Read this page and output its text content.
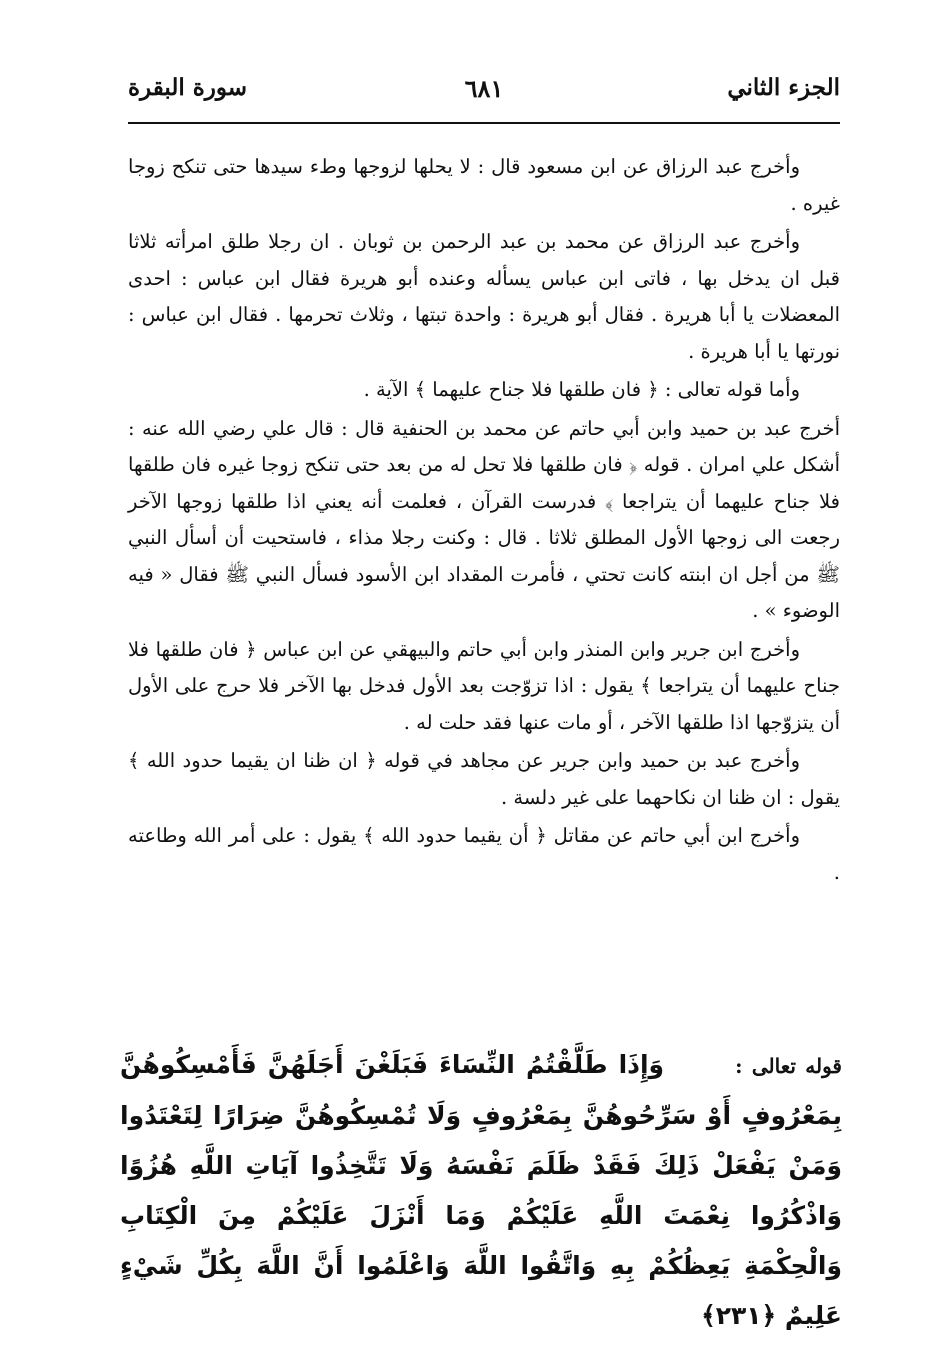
الجزء الثاني
٦٨١
سورة البقرة

وأخرج عبد الرزاق عن ابن مسعود قال : لا يحلها لزوجها وطء سيدها حتى تنكح زوجا غيره .

وأخرج عبد الرزاق عن محمد بن عبد الرحمن بن ثوبان . ان رجلا طلق امرأته ثلاثا قبل ان يدخل بها ، فاتى ابن عباس يسأله وعنده أبو هريرة فقال ابن عباس : احدى المعضلات يا أبا هريرة . فقال أبو هريرة : واحدة تبتها ، وثلاث تحرمها . فقال ابن عباس : نورتها يا أبا هريرة .

وأما قوله تعالى : ﴿ فان طلقها فلا جناح عليهما ﴾ الآية .

أخرج عبد بن حميد وابن أبي حاتم عن محمد بن الحنفية قال : قال علي رضي الله عنه : أشكل علي امران . قوله ﴿ فان طلقها فلا تحل له من بعد حتى تنكح زوجا غيره فان طلقها فلا جناح عليهما أن يتراجعا ﴾ فدرست القرآن ، فعلمت أنه يعني اذا طلقها زوجها الآخر رجعت الى زوجها الأول المطلق ثلاثا . قال : وكنت رجلا مذاء ، فاستحيت أن أسأل النبي ﷺ من أجل ان ابنته كانت تحتي ، فأمرت المقداد ابن الأسود فسأل النبي ﷺ فقال « فيه الوضوء » .

وأخرج ابن جرير وابن المنذر وابن أبي حاتم والبيهقي عن ابن عباس ﴿ فان طلقها فلا جناح عليهما أن يتراجعا ﴾ يقول : اذا تزوّجت بعد الأول فدخل بها الآخر فلا حرج على الأول أن يتزوّجها اذا طلقها الآخر ، أو مات عنها فقد حلت له .

وأخرج عبد بن حميد وابن جرير عن مجاهد في قوله ﴿ ان ظنا ان يقيما حدود الله ﴾ يقول : ان ظنا ان نكاحهما على غير دلسة .

وأخرج ابن أبي حاتم عن مقاتل ﴿ أن يقيما حدود الله ﴾ يقول : على أمر الله وطاعته .

قوله تعالى : وَإِذَا طَلَّقْتُمُ النِّسَاءَ فَبَلَغْنَ أَجَلَهُنَّ فَأَمْسِكُوهُنَّ بِمَعْرُوفٍ أَوْ سَرِّحُوهُنَّ بِمَعْرُوفٍ وَلَا تُمْسِكُوهُنَّ ضِرَارًا لِتَعْتَدُوا وَمَنْ يَفْعَلْ ذَلِكَ فَقَدْ ظَلَمَ نَفْسَهُ وَلَا تَتَّخِذُوا آيَاتِ اللَّهِ هُزُوًا وَاذْكُرُوا نِعْمَتَ اللَّهِ عَلَيْكُمْ وَمَا أَنْزَلَ عَلَيْكُمْ مِنَ الْكِتَابِ وَالْحِكْمَةِ يَعِظُكُمْ بِهِ وَاتَّقُوا اللَّهَ وَاعْلَمُوا أَنَّ اللَّهَ بِكُلِّ شَيْءٍ عَلِيمٌ ﴿٢٣١﴾
